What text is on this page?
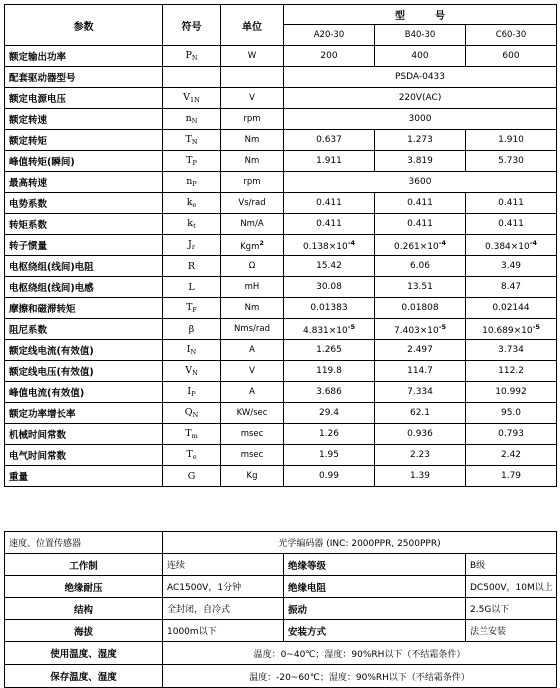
参数	符号	单位	型　　　号		
			A20-30	B40-30	C60-30
额定输出功率	$P_N$	W	200	400	600
配套驱动器型号			PSDA-0433		
额定电源电压	$V_{1N}$	V	220V(AC)		
额定转速	$n_N$	rpm	3000		
额定转矩	$T_N$	Nm	0.637	1.273	1.910
峰值转矩(瞬间)	$T_P$	Nm	1.911	3.819	5.730
最高转速	$n_P$	rpm	3600		
电势系数	$k_e$	Vs/rad	0.411	0.411	0.411
转矩系数	$k_t$	Nm/A	0.411	0.411	0.411
转子惯量	$J_r$	Kgm$^2$	$0.138\times 10^{-4}$	$0.261\times 10^{-4}$	$0.384\times 10^{-4}$
电枢绕组(线间)电阻	R	Ω	15.42	6.06	3.49
电枢绕组(线间)电感	L	mH	30.08	13.51	8.47
摩擦和磁滞转矩	$T_F$	Nm	0.01383	0.01808	0.02144
阻尼系数	β	Nms/rad	$4.831\times 10^{-5}$	$7.403\times 10^{-5}$	$10.689\times 10^{-5}$
额定线电流(有效值)	$I_N$	A	1.265	2.497	3.734
额定线电压(有效值)	$V_N$	V	119.8	114.7	112.2
峰值电流(有效值)	$I_P$	A	3.686	7.334	10.992
额定功率增长率	$Q_N$	KW/sec	29.4	62.1	95.0
机械时间常数	$T_m$	msec	1.26	0.936	0.793
电气时间常数	$T_e$	msec	1.95	2.23	2.42
重量	G	Kg	0.99	1.39	1.79
速度、位置传感器	光学编码器 (INC: 2000PPR, 2500PPR)		
工作制	连续	绝缘等级	B级
绝缘耐压	AC1500V，1分钟	绝缘电阻	DC500V，10M以上
结构	全封闭，自冷式	振动	2.5G以下
海拔	1000m以下	安装方式	法兰安装
使用温度、湿度	温度：0~40℃；湿度：90%RH以下（不结霜条件）		
保存温度、湿度	温度：-20~60℃；湿度：90%RH以下（不结霜条件）		
